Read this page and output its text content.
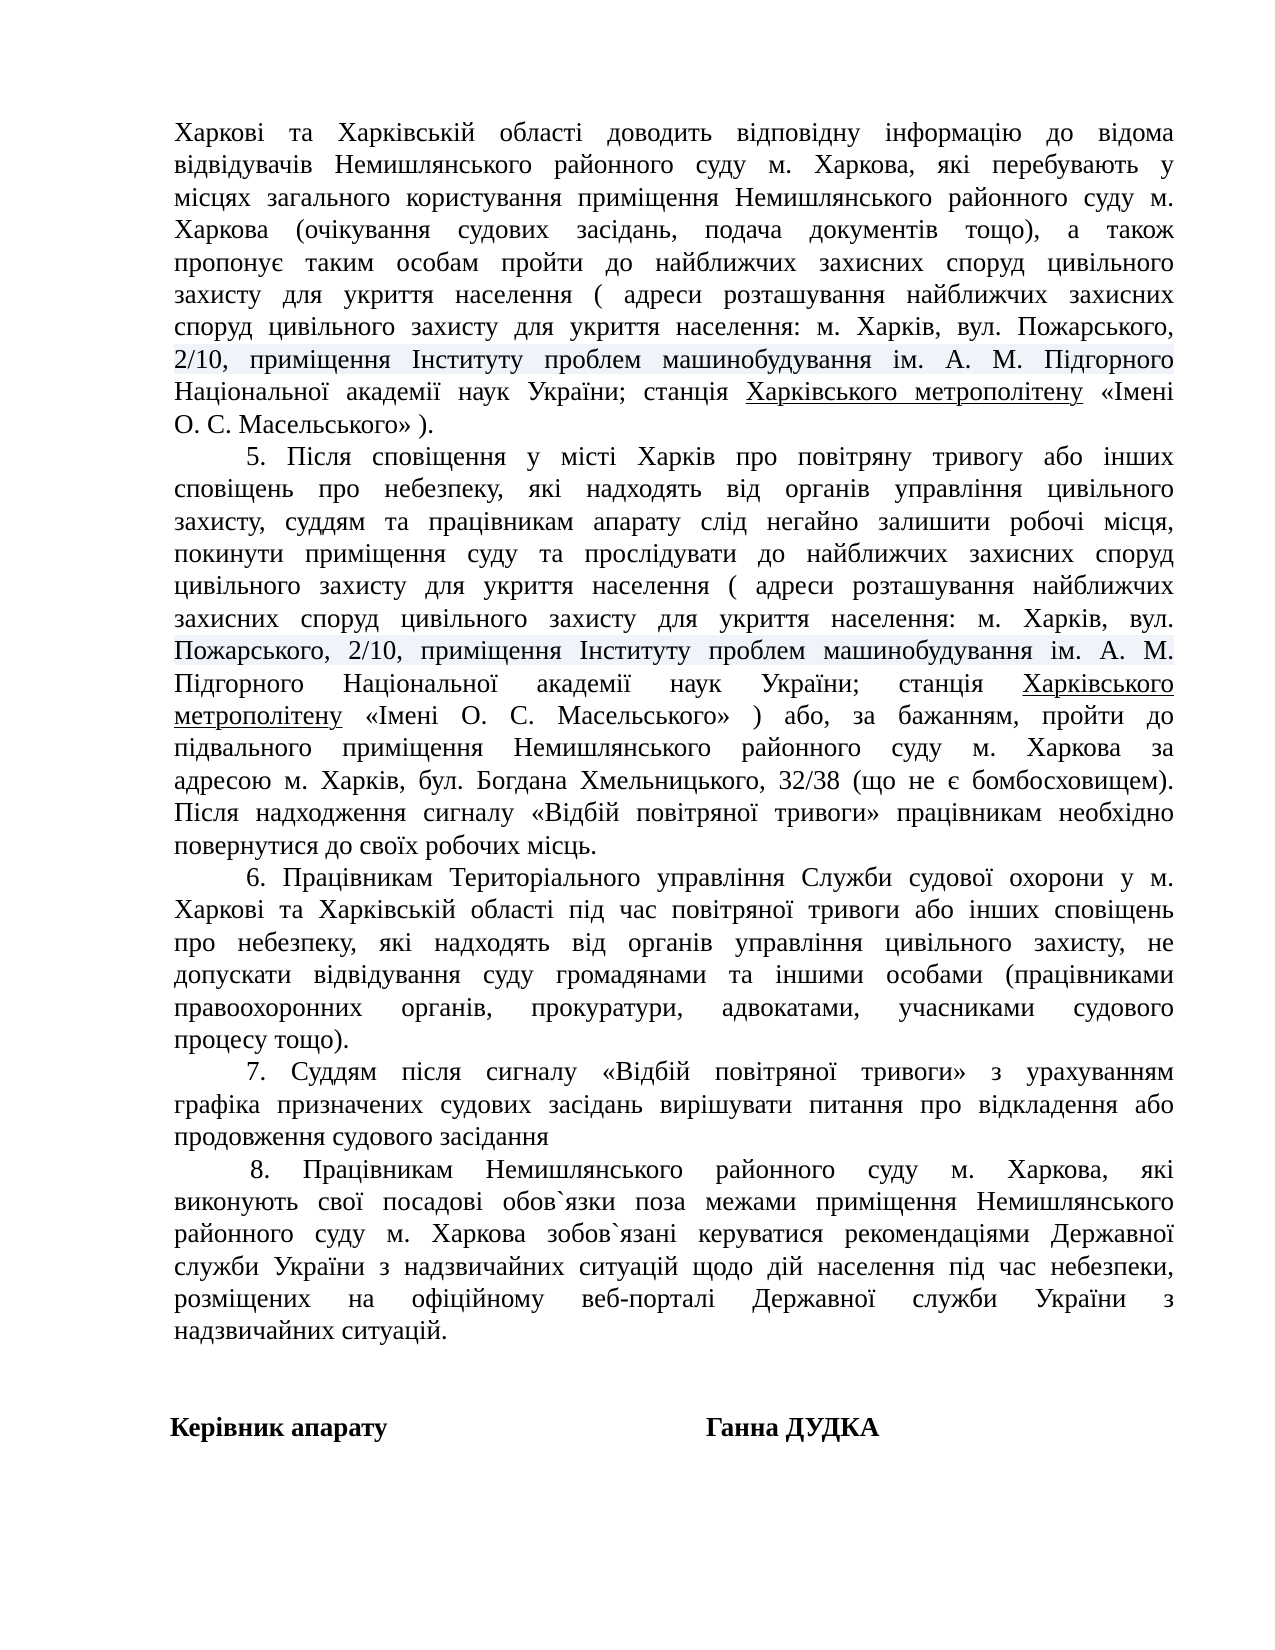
Харкові та Харківській області доводить відповідну інформацію до відома
відвідувачів Немишлянського районного суду м. Харкова, які перебувають у
місцях загального користування приміщення Немишлянського районного суду м.
Харкова (очікування судових засідань, подача документів тощо), а також
пропонує таким особам пройти до найближчих захисних споруд цивільного
захисту для укриття населення ( адреси розташування найближчих захисних
споруд цивільного захисту для укриття населення: м. Харків, вул. Пожарського,
2/10, приміщення Інституту проблем машинобудування ім. А. М. Підгорного
Національної академії наук України; станція Харківського метрополітену «Імені
О. С. Масельського» ).
5. Після сповіщення у місті Харків про повітряну тривогу або інших
сповіщень про небезпеку, які надходять від органів управління цивільного
захисту, суддям та працівникам апарату слід негайно залишити робочі місця,
покинути приміщення суду та прослідувати до найближчих захисних споруд
цивільного захисту для укриття населення ( адреси розташування найближчих
захисних споруд цивільного захисту для укриття населення: м. Харків, вул.
Пожарського, 2/10, приміщення Інституту проблем машинобудування ім. А. М.
Підгорного Національної академії наук України; станція Харківського
метрополітену «Імені О. С. Масельського» ) або, за бажанням, пройти до
підвального приміщення Немишлянського районного суду м. Харкова за
адресою м. Харків, бул. Богдана Хмельницького, 32/38 (що не є бомбосховищем).
Після надходження сигналу «Відбій повітряної тривоги» працівникам необхідно
повернутися до своїх робочих місць.
6. Працівникам Територіального управління Служби судової охорони у м.
Харкові та Харківській області під час повітряної тривоги або інших сповіщень
про небезпеку, які надходять від органів управління цивільного захисту, не
допускати відвідування суду громадянами та іншими особами (працівниками
правоохоронних органів, прокуратури, адвокатами, учасниками судового
процесу тощо).
7. Суддям після сигналу «Відбій повітряної тривоги» з урахуванням
графіка призначених судових засідань вирішувати питання про відкладення або
продовження судового засідання
8. Працівникам Немишлянського районного суду м. Харкова, які
виконують свої посадові обов`язки поза межами приміщення Немишлянського
районного суду м. Харкова зобов`язані керуватися рекомендаціями Державної
служби України з надзвичайних ситуацій щодо дій населення під час небезпеки,
розміщених на офіційному веб-порталі Державної служби України з
надзвичайних ситуацій.
Керівник апарату	Ганна ДУДКА
